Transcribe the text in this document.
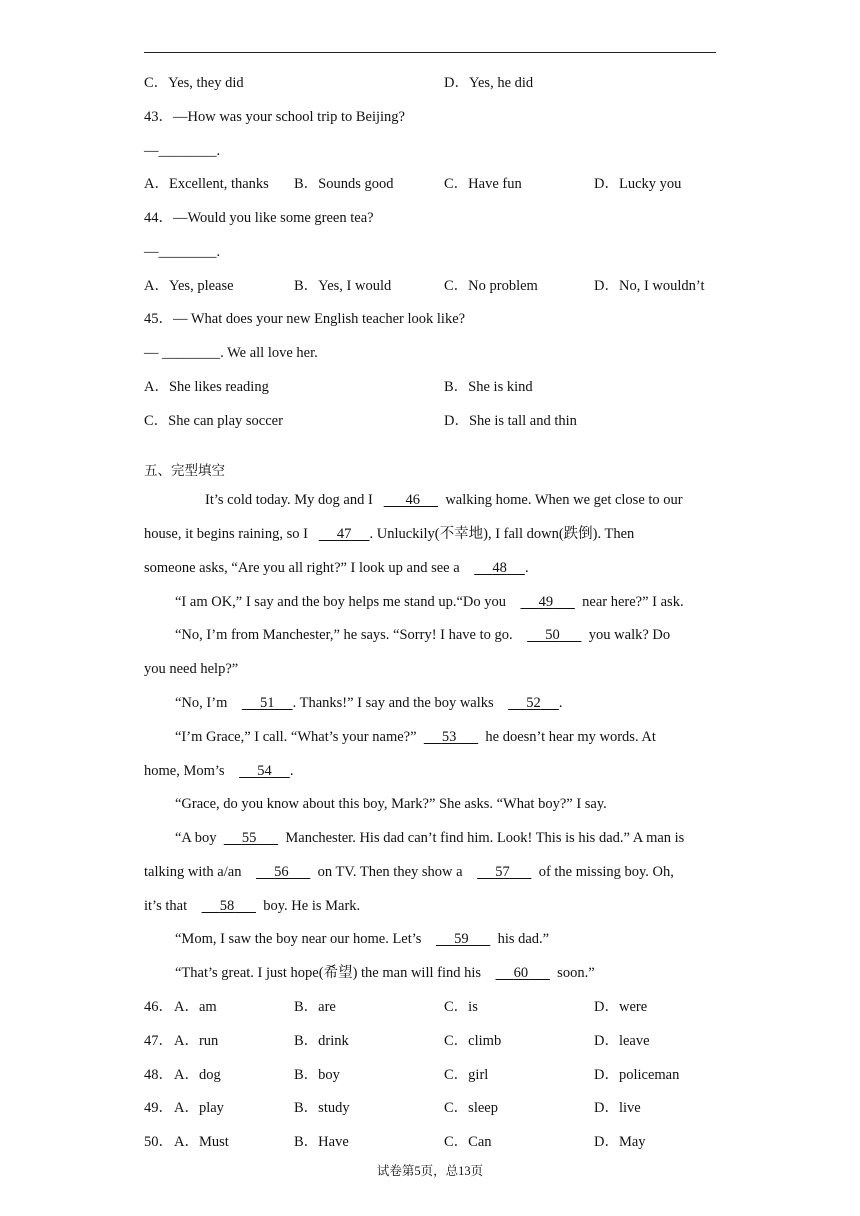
C．Yes, they did	D．Yes, he did
43．—How was your school trip to Beijing?
—________.
A．Excellent, thanks B．Sounds good	C．Have fun	D．Lucky you
44．—Would you like some green tea?
—________.
A．Yes, please	B．Yes, I would	C．No problem	D．No, I wouldn’t
45．— What does your new English teacher look like?
— ________. We all love her.
A．She likes reading	B．She is kind
C．She can play soccer	D．She is tall and thin
五、完型填空
It’s cold today. My dog and I 46 walking home. When we get close to our
house, it begins raining, so I 47 . Unluckily(不幸地), I fall down(跌倒). Then
someone asks, “Are you all right?” I look up and see a 48 .
“I am OK,” I say and the boy helps me stand up.“Do you 49 near here?” I ask.
“No, I’m from Manchester,” he says. “Sorry! I have to go. 50 you walk? Do
you need help?”
“No, I’m 51 . Thanks!” I say and the boy walks 52 .
“I’m Grace,” I call. “What’s your name?” 53 he doesn’t hear my words. At
home, Mom’s 54 .
“Grace, do you know about this boy, Mark?” She asks. “What boy?” I say.
“A boy 55 Manchester. His dad can’t find him. Look! This is his dad.” A man is
talking with a/an 56 on TV. Then they show a 57 of the missing boy. Oh,
it’s that 58 boy. He is Mark.
“Mom, I saw the boy near our home. Let’s 59 his dad.”
“That’s great. I just hope(希望) the man will find his 60 soon.”
46． A．am	B．are	C．is	D．were
47． A．run	B．drink	C．climb	D．leave
48． A．dog	B．boy	C．girl	D．policeman
49． A．play	B．study	C．sleep	D．live
50． A．Must	B．Have	C．Can	D．May
试卷第5页，总13页
